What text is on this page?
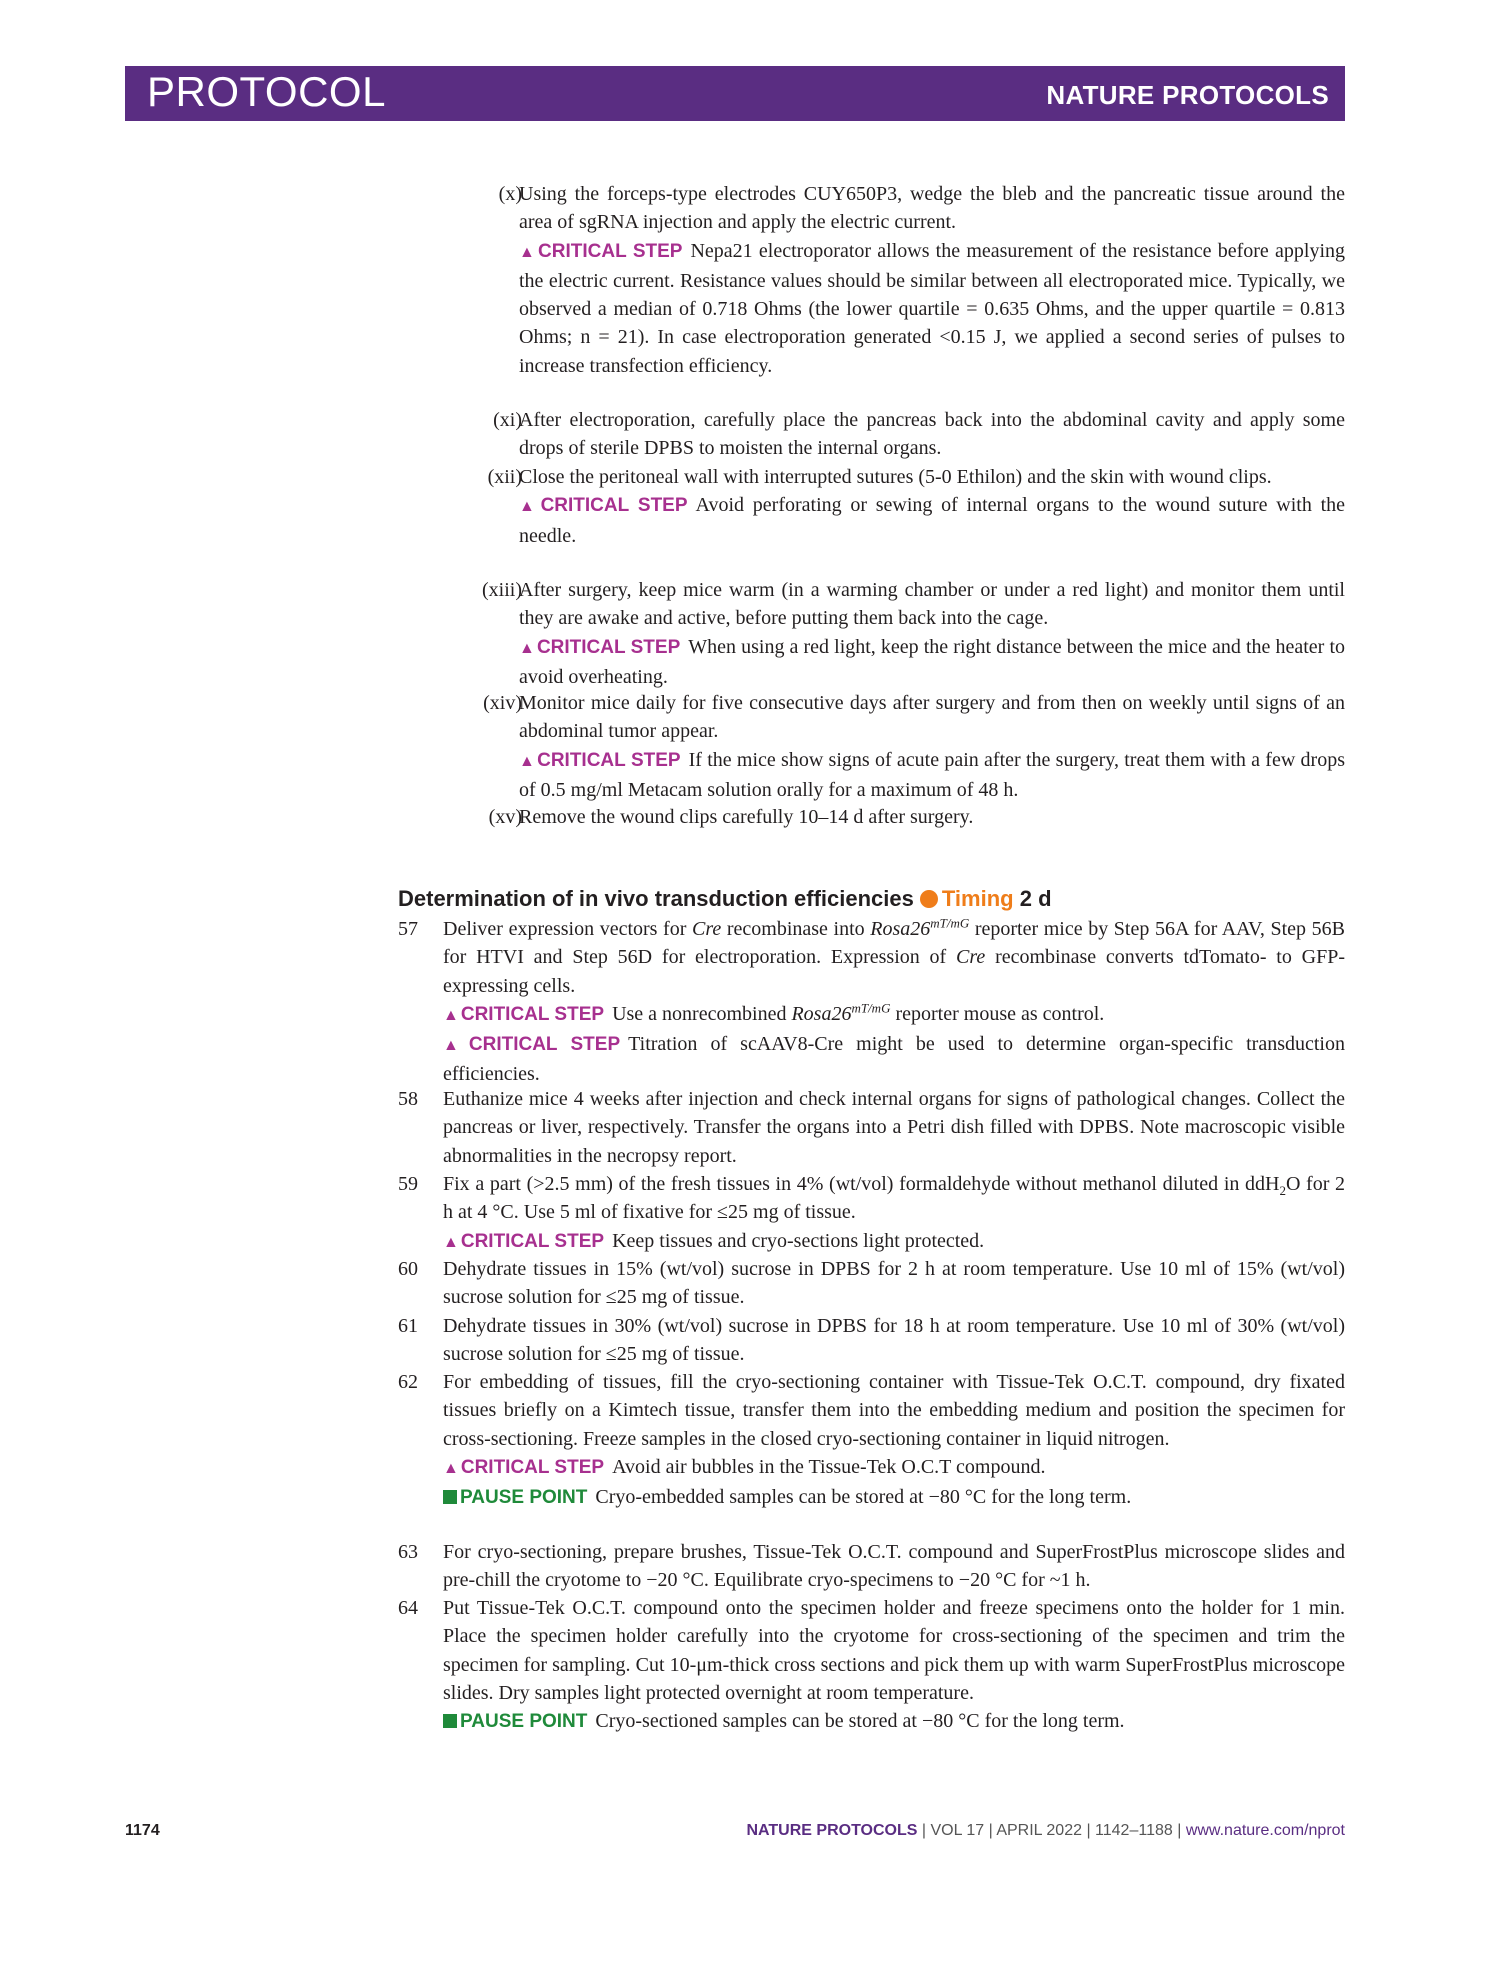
PROTOCOL	NATURE PROTOCOLS
(x)
Using the forceps-type electrodes CUY650P3, wedge the bleb and the pancreatic tissue around the area of sgRNA injection and apply the electric current.
▲ CRITICAL STEP Nepa21 electroporator allows the measurement of the resistance before applying the electric current. Resistance values should be similar between all electroporated mice. Typically, we observed a median of 0.718 Ohms (the lower quartile = 0.635 Ohms, and the upper quartile = 0.813 Ohms; n = 21). In case electroporation generated <0.15 J, we applied a second series of pulses to increase transfection efficiency.
(xi)
After electroporation, carefully place the pancreas back into the abdominal cavity and apply some drops of sterile DPBS to moisten the internal organs.
(xii)
Close the peritoneal wall with interrupted sutures (5-0 Ethilon) and the skin with wound clips.
▲ CRITICAL STEP Avoid perforating or sewing of internal organs to the wound suture with the needle.
(xiii)
After surgery, keep mice warm (in a warming chamber or under a red light) and monitor them until they are awake and active, before putting them back into the cage.
▲ CRITICAL STEP When using a red light, keep the right distance between the mice and the heater to avoid overheating.
(xiv)
Monitor mice daily for five consecutive days after surgery and from then on weekly until signs of an abdominal tumor appear.
▲ CRITICAL STEP If the mice show signs of acute pain after the surgery, treat them with a few drops of 0.5 mg/ml Metacam solution orally for a maximum of 48 h.
(xv)
Remove the wound clips carefully 10–14 d after surgery.
Determination of in vivo transduction efficiencies Timing 2 d
57 Deliver expression vectors for Cre recombinase into $Rosa26^{mT/mG}$ reporter mice by Step 56A for AAV, Step 56B for HTVI and Step 56D for electroporation. Expression of Cre recombinase converts tdTomato- to GFP-expressing cells.
▲ CRITICAL STEP Use a nonrecombined $Rosa26^{mT/mG}$ reporter mouse as control.
▲ CRITICAL STEP Titration of scAAV8-Cre might be used to determine organ-specific transduction efficiencies.
58 Euthanize mice 4 weeks after injection and check internal organs for signs of pathological changes. Collect the pancreas or liver, respectively. Transfer the organs into a Petri dish filled with DPBS. Note macroscopic visible abnormalities in the necropsy report.
59 Fix a part (>2.5 mm) of the fresh tissues in 4% (wt/vol) formaldehyde without methanol diluted in ddH$_2$O for 2 h at 4 °C. Use 5 ml of fixative for ≤25 mg of tissue.
▲ CRITICAL STEP Keep tissues and cryo-sections light protected.
60 Dehydrate tissues in 15% (wt/vol) sucrose in DPBS for 2 h at room temperature. Use 10 ml of 15% (wt/vol) sucrose solution for ≤25 mg of tissue.
61 Dehydrate tissues in 30% (wt/vol) sucrose in DPBS for 18 h at room temperature. Use 10 ml of 30% (wt/vol) sucrose solution for ≤25 mg of tissue.
62 For embedding of tissues, fill the cryo-sectioning container with Tissue-Tek O.C.T. compound, dry fixated tissues briefly on a Kimtech tissue, transfer them into the embedding medium and position the specimen for cross-sectioning. Freeze samples in the closed cryo-sectioning container in liquid nitrogen.
▲ CRITICAL STEP Avoid air bubbles in the Tissue-Tek O.C.T compound.
PAUSE POINT Cryo-embedded samples can be stored at −80 °C for the long term.
63 For cryo-sectioning, prepare brushes, Tissue-Tek O.C.T. compound and SuperFrostPlus microscope slides and pre-chill the cryotome to −20 °C. Equilibrate cryo-specimens to −20 °C for ~1 h.
64 Put Tissue-Tek O.C.T. compound onto the specimen holder and freeze specimens onto the holder for 1 min. Place the specimen holder carefully into the cryotome for cross-sectioning of the specimen and trim the specimen for sampling. Cut 10-μm-thick cross sections and pick them up with warm SuperFrostPlus microscope slides. Dry samples light protected overnight at room temperature.
PAUSE POINT Cryo-sectioned samples can be stored at −80 °C for the long term.
1174	NATURE PROTOCOLS | VOL 17 | APRIL 2022 | 1142–1188 | www.nature.com/nprot
